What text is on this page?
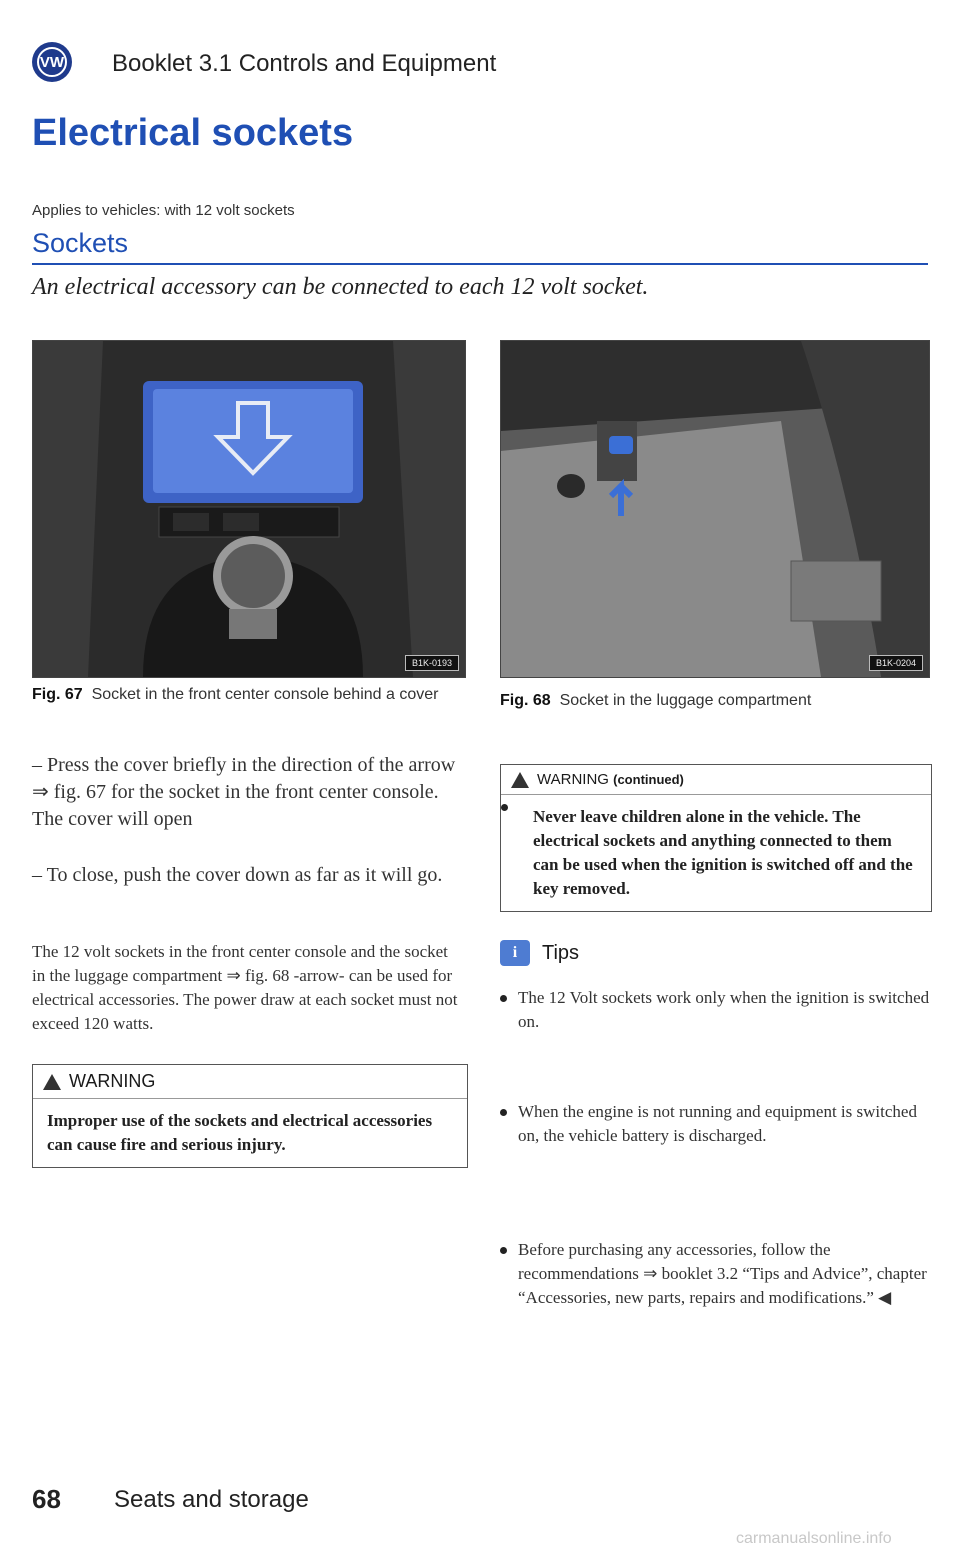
VW Booklet 3.1 Controls and Equipment
Electrical sockets
Applies to vehicles: with 12 volt sockets
Sockets
An electrical accessory can be connected to each 12 volt socket.
B1K-0193
Fig. 67 Socket in the front center console behind a cover
B1K-0204
Fig. 68 Socket in the luggage compartment
– Press the cover briefly in the direction of the arrow ⇒ fig. 67 for the socket in the front center console. The cover will open
– To close, push the cover down as far as it will go.
The 12 volt sockets in the front center console and the socket in the luggage compartment ⇒ fig. 68 -arrow- can be used for electrical accessories. The power draw at each socket must not exceed 120 watts.
WARNING
Improper use of the sockets and electrical accessories can cause fire and serious injury.
WARNING
(continued)
Never leave children alone in the vehicle. The electrical sockets and anything connected to them can be used when the ignition is switched off and the key removed.
i	Tips
The 12 Volt sockets work only when the ignition is switched on.
When the engine is not running and equipment is switched on, the vehicle battery is discharged.
Before purchasing any accessories, follow the recommendations ⇒ booklet 3.2 “Tips and Advice”, chapter “Accessories, new parts, repairs and modifications.” ◀
68 Seats and storage
carmanualsonline.info
